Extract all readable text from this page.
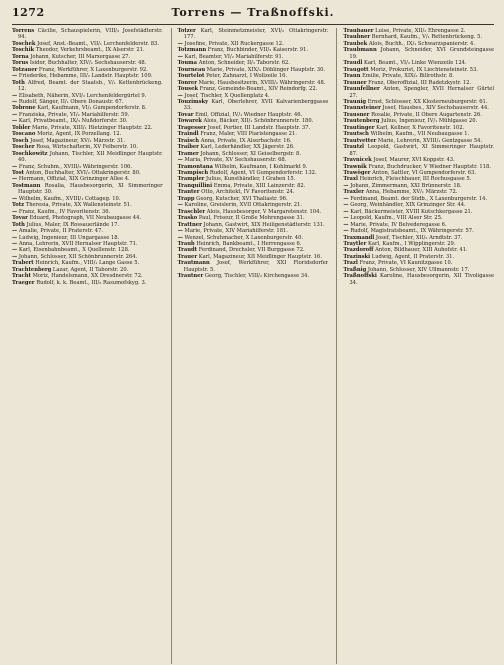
1272	Torrens — Traßnoffski.

Torrens Cäcilie, Schauspielerin, VIII/₃ Josefstädterstr. 94.

Toschek Josef, Anst.-Beamt., VII/₁ Lerchenfelderstr. 83.

Toschik Theodor, Verkehrsbeamt., IX Alserstr. 21.

Torna Johann, Kutscher, III Marxergasse 27.

Torus Isidor, Buchhalter, XIV/₁ Sechshauserstr. 48.

Totzauer Franz, Werkführer, X Laxenburgerstr. 92.

— Friederike, Hebamme, III/₂ Landstr. Hauptstr. 109.

Toth Alfred, Beamt. der Staatsb., V/₁ Kettenbrückeng. 12.

— Elisabeth, Näherin, XVI/₂ Lerchenfeldergürtel 9.

— Rudolf, Sänger, II/₁ Obere Donaustr. 67.

Tobrone Karl, Kaufmann, VI/₁ Gumpendorferstr. 8.

— Franziska, Private, VI/₂ Mariahilferstr. 59.

— Karl, Privatbeamt., IX/₃ Nußdorferstr. 30.

Tobler Marie, Private, XIII/₁ Hietzinger Hauptstr. 22.

Toscano Moriz, Agent, IX Porzellang. 12.

Tosch Josef, Magazineur, XV/₁ Märzstr. 31.

Toscher Rosa, Wirtschafterin, XV Felberstr. 10.

Toschkowitz Johann, Tischler, XII Meidlinger Hauptstr. 40.

— Franz, Schuhm., XVIII/₂ Währingerstr. 106.

Tost Anton, Buchhalter, XVI/₂ Ottakringerstr. 80.

— Hermann, Offizial, XIX Grinzinger Allee 4.

Tostmann Rosalia, Hausbesorgerin, XI Simmeringer Hauptstr. 30.

— Wilhelm, Kaufm., XVIII/₁ Cottageg. 10.

Totz Theresia, Private, XX Wallensteinstr. 51.

— Franz, Kaufm., IV Favoritenstr. 36.

Tovar Eduard, Photograph, VII Neubaugasse 44.

Toth Julius, Maler, IX Rossauerlände 17.

— Amalie, Private, II Praterstr. 47.

— Ludwig, Ingenieur, III Ungargasse 18.

— Anna, Lehrerin, XVII Hernalser Hauptstr. 71.

— Karl, Eisenbahnbeamt., X Quellenstr. 128.

— Johann, Schlosser, XII Schönbrunnerstr. 264.

Trabert Heinrich, Kaufm., VIII/₁ Lange Gasse 5.

Trachtenberg Lazar, Agent, II Taborstr. 20.

Tracht Moriz, Handelsmann, XX Dresdnerstr. 72.

Traeger Rudolf, k. k. Beamt., III/₃ Rasumofskyg. 3.

Totzer Karl, Steinmetzmeister, XVI/₂ Ottakringerstr. 177.

— Josefine, Private, XII Ruckergasse 12.

Totzmann Franz, Buchbinder, VII/₂ Kaiserstr. 91.

— Karl, Beamter, VI/₂ Mariahilferstr. 91.

Touma Anton, Schneider, II/₃ Taborstr. 62.

Tourneau Marie, Private, XIX/₁ Döblinger Hauptstr. 30.

Tourtelot Peter, Zahnarzt, I Wollzeile 16.

Tonrer Marie, Hausbesitzerin, XVIII/₂ Währingerstr. 48.

Tousek Franz, Gemeinde-Beamt., XIV Reindorfg. 22.

— Josef, Tischler, X Quellenplatz 4.

Touzimsky Karl, Oberlehrer, XVII Kalvarienberggasse 33.

Tovar Emil, Offizial, IV/₁ Wiedner Hauptstr. 46.

Towarek Alois, Bäcker, XII/₁ Schönbrunnerstr. 180.

Tragesser Josef, Portier, III Landstr. Hauptstr. 37.

Traindl Franz, Maler, VIII Piaristengasse 21.

Traisch Anna, Private, IX Alserbachstr. 16.

Traiber Karl, Lederhändler, XX Jägerstr. 26.

Tramer Johann, Schlosser, XI Geiselbergstr. 8.

— Maria, Private, XV Sechshauserstr. 68.

Tramontana Wilhelm, Kaufmann, I Kohlmarkt 9.

Trampisch Rudolf, Agent, VI Gumpendorferstr. 132.

Trampler Julius, Kunsthändler, I Graben 15.

Tranquillini Emma, Private, XIII Lainzerstr. 82.

Tranter Otto, Architekt, IV Favoritenstr. 24.

Trapp Georg, Kutscher, XVI Thaliastr. 96.

— Karoline, Greislerin, XVII Ottakringerstr. 21.

Traschler Alois, Hausbesorger, V Margaretenstr. 104.

Trasko Paul, Friseur, II Große Mohrengasse 31.

Trattner Johann, Gastwirt, XIX Heiligenstädterstr. 131.

— Marie, Private, XIV Mariahilferstr. 181.

— Wenzel, Schuhmacher, X Laxenburgerstr. 40.

Traub Heinrich, Bankbeamt., I Herrengasse 6.

Traudt Ferdinand, Drechsler, VII Burggasse 72.

Trauer Karl, Magazineur, XII Meidlinger Hauptstr. 16.

Trautmann Josef, Werkführer, XXI Floridsdorfer Hauptstr. 5.

Trautner Georg, Tischler, VIII/₂ Kirchengasse 34.

Traubauer Luise, Private, XII/₂ Ehrengasse 2.

Traubner Bernhard, Kaufm., V/₁ Rettenbrückeng. 5.

Traubek Alois, Buchh., IX/₁ Schwarzspanierstr. 4.

Traubmann Johann, Schneider, XVI Grundsteingasse 19.

Traudl Karl, Beamt., VI/₂ Linke Wienzeile 124.

Traugott Moriz, Prokurist, IX Liechtensteinstr. 53.

Traun Emilie, Private, XIX/₂ Billrothstr. 8.

Trauner Franz, Oberoffizial, III Radetzkystr. 12.

Traunfellner Anton, Spengler, XVII Hernalser Gürtel 27.

Traunig Ernst, Schlosser, XX Klosterneuburgerstr. 61.

Traunsteiner Josef, Hausbes., XIV Sechshauserstr. 44.

Trausner Rosalie, Private, II Obere Augartenstr. 26.

Trautenberg Julius, Ingenieur, IV/₁ Mühlgasse 20.

Trautinger Karl, Kellner, X Favoritenstr. 102.

Trautsch Wilhelm, Kaufm., VII Neubaugasse 1.

Trautvetter Marie, Lehrerin, XVIII/₁ Gentzgasse 54.

Trautzl Leopold, Gastwirt, XI Simmeringer Hauptstr. 87.

Travnicek Josef, Maurer, XVI Koppstr. 43.

Trawnik Franz, Buchdrucker, V Wiedner Hauptstr. 118.

Trawöger Anton, Sattler, VI Gumpendorferstr. 63.

Traxl Heinrich, Fleischhauer, III Rochusgasse 5.

— Johann, Zimmermann, XXI Brünnerstr. 18.

Traxler Anna, Hebamme, XV/₁ Märzstr. 72.

— Ferdinand, Beamt. der Südb., X Laxenburgerstr. 14.

— Georg, Weinhändler, XIX Grinzinger Str. 44.

— Karl, Bäckermeister, XVIII Kutschkergasse 21.

— Leopold, Kaufm., VIII Alser Str. 25.

— Marie, Private, IV Belvederegasse 6.

— Rudolf, Magistratsbeamt., IX Währingerstr. 57.

Traxmandl Josef, Tischler, XII/₂ Arndtstr. 37.

Traytler Karl, Kaufm., I Wipplingerstr. 29.

Trazdoroff Anton, Bildhauer, XIII Auhofstr. 41.

Trazinski Ludwig, Agent, II Praterstr. 31.

Trazl Franz, Private, VI Kaunitzgasse 10.

Traßnig Johann, Schlosser, XIV Ullmannstr. 17.

Traßnoffski Karoline, Hausbesorgerin, XII Tivoligasse 34.
